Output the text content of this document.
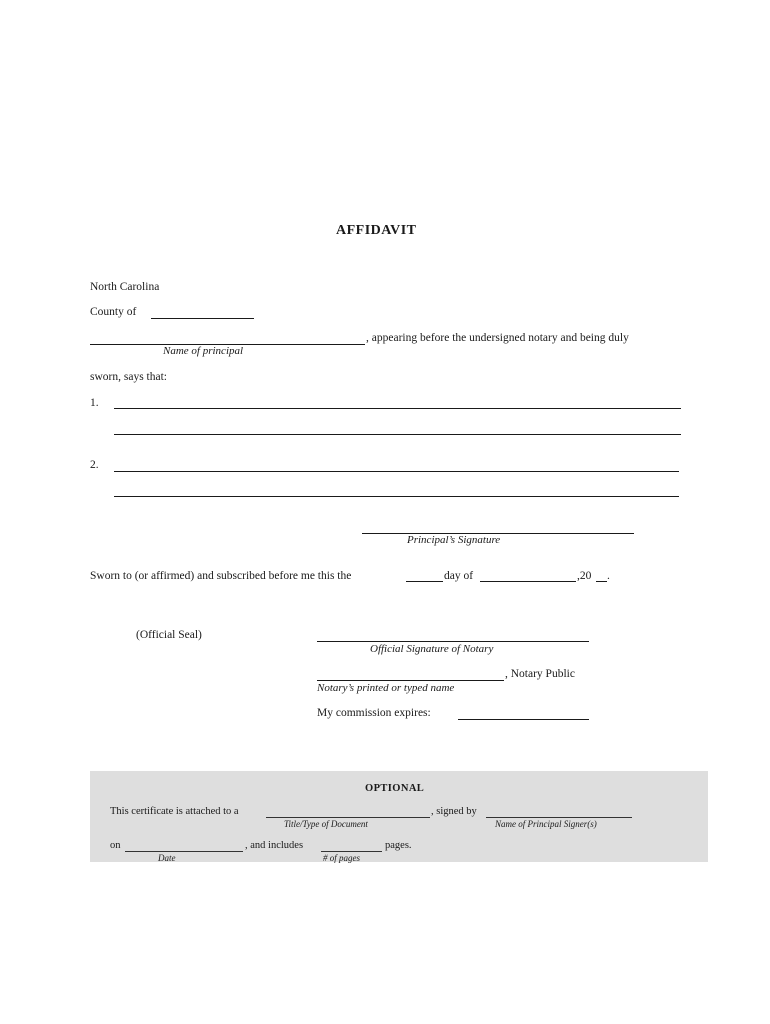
AFFIDAVIT
North Carolina
County of
, appearing before the undersigned notary and being duly
Name of principal
sworn, says that:
1.
2.
Principal’s Signature
Sworn to (or affirmed) and subscribed before me this the	day of	,20 .
(Official Seal)
Official Signature of Notary
, Notary Public
Notary’s printed or typed name
My commission expires:
OPTIONAL
This certificate is attached to a	, signed by
Title/Type of Document	Name of Principal Signer(s)
on	, and includes	pages.
Date	# of pages
